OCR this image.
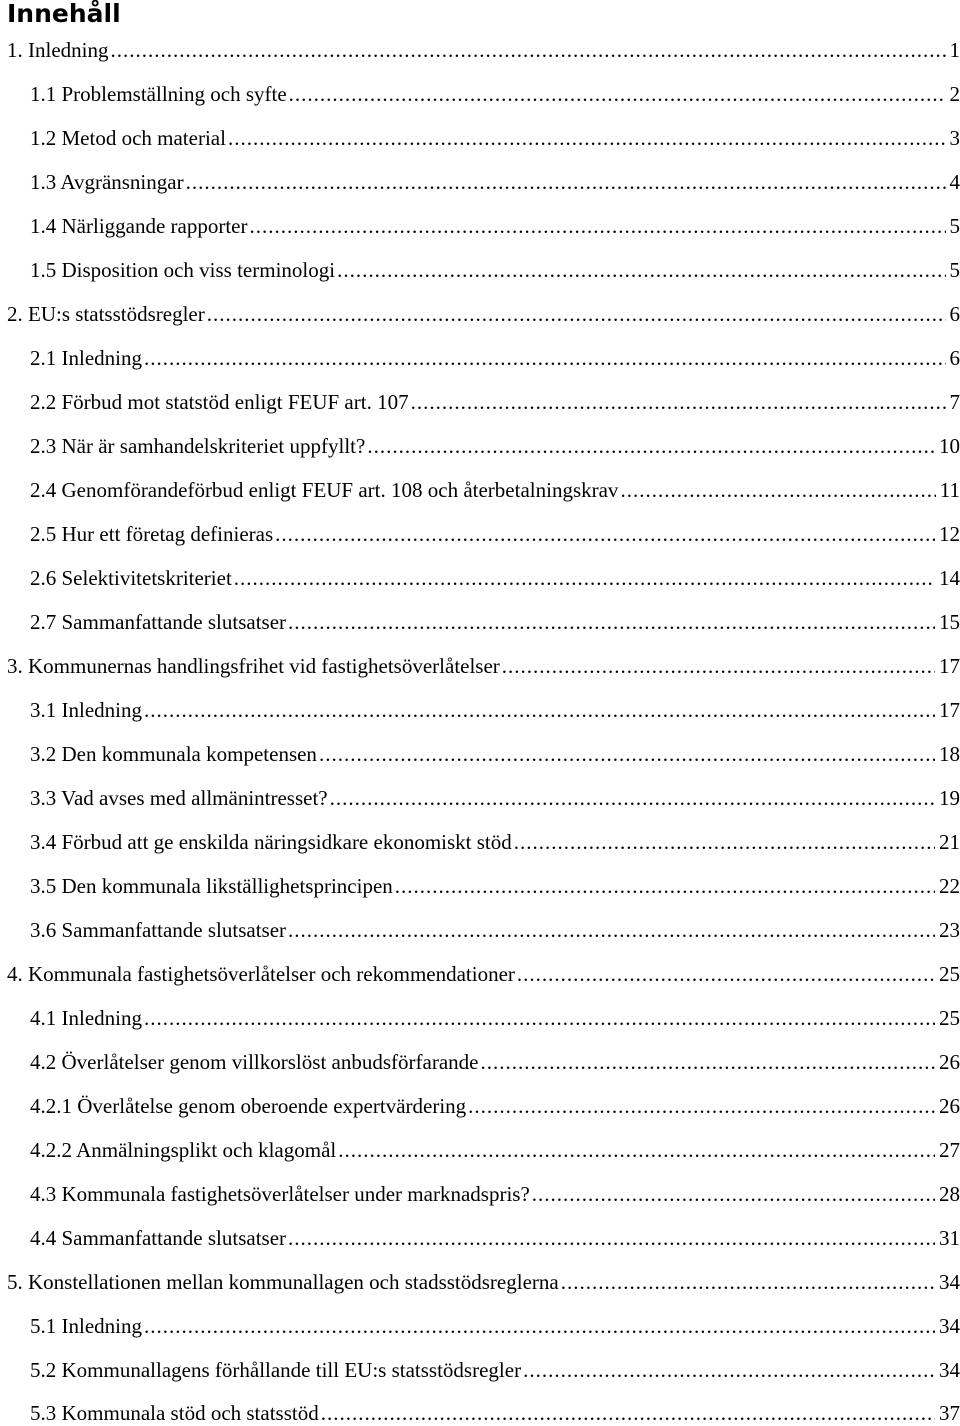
Innehåll
1. Inledning .....	1
1.1 Problemställning och syfte .....	2
1.2 Metod och material .....	3
1.3 Avgränsningar .....	4
1.4 Närliggande rapporter .....	5
1.5 Disposition och viss terminologi .....	5
2. EU:s statsstödsregler .....	6
2.1 Inledning .....	6
2.2 Förbud mot statstöd enligt FEUF art. 107 .....	7
2.3 När är samhandelskriteriet uppfyllt? .....	10
2.4 Genomförandeförbud enligt FEUF art. 108 och återbetalningskrav .....	11
2.5 Hur ett företag definieras .....	12
2.6 Selektivitetskriteriet .....	14
2.7 Sammanfattande slutsatser .....	15
3. Kommunernas handlingsfrihet vid fastighetsöverlåtelser .....	17
3.1 Inledning .....	17
3.2 Den kommunala kompetensen .....	18
3.3 Vad avses med allmänintresset? .....	19
3.4 Förbud att ge enskilda näringsidkare ekonomiskt stöd .....	21
3.5 Den kommunala likställighetsprincipen .....	22
3.6 Sammanfattande slutsatser .....	23
4. Kommunala fastighetsöverlåtelser och rekommendationer .....	25
4.1 Inledning .....	25
4.2 Överlåtelser genom villkorslöst anbudsförfarande .....	26
4.2.1 Överlåtelse genom oberoende expertvärdering .....	26
4.2.2 Anmälningsplikt och klagomål .....	27
4.3 Kommunala fastighetsöverlåtelser under marknadspris? .....	28
4.4 Sammanfattande slutsatser .....	31
5. Konstellationen mellan kommunallagen och stadsstödsreglerna .....	34
5.1 Inledning .....	34
5.2 Kommunallagens förhållande till EU:s statsstödsregler .....	34
5.3 Kommunala stöd och statsstöd .....	37
